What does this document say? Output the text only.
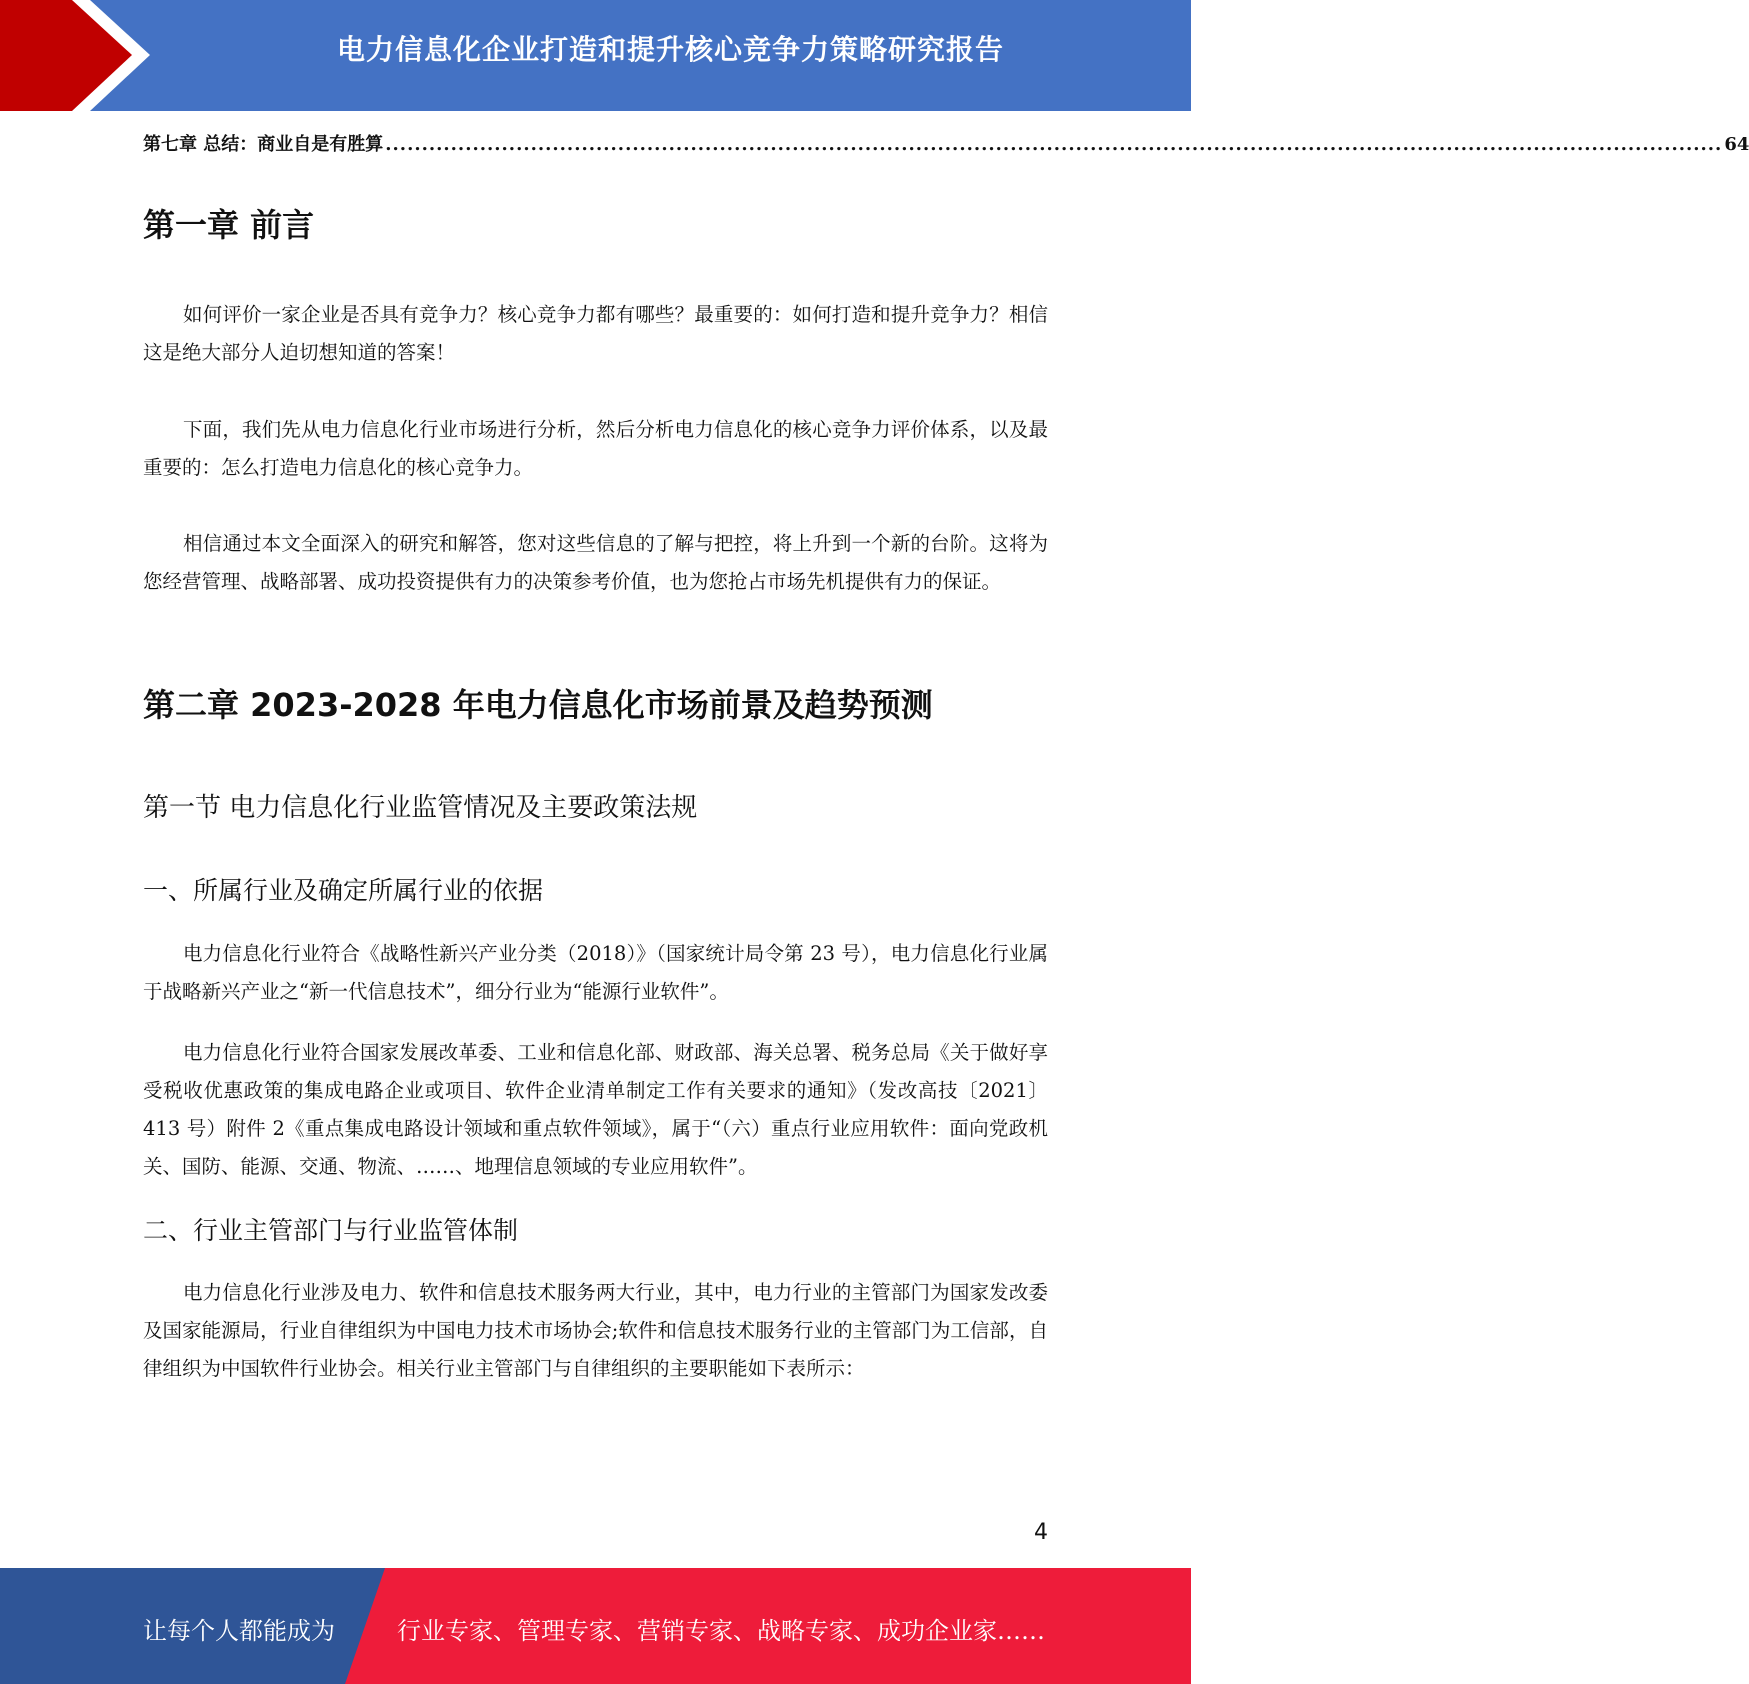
电力信息化企业打造和提升核心竞争力策略研究报告
第七章 总结：商业自是有胜算 ........................................................................................................................................................................................ 64
第一章 前言

如何评价一家企业是否具有竞争力？核心竞争力都有哪些？最重要的：如何打造和提升竞争力？相信这是绝大部分人迫切想知道的答案！

下面，我们先从电力信息化行业市场进行分析，然后分析电力信息化的核心竞争力评价体系，以及最重要的：怎么打造电力信息化的核心竞争力。

相信通过本文全面深入的研究和解答，您对这些信息的了解与把控，将上升到一个新的台阶。这将为您经营管理、战略部署、成功投资提供有力的决策参考价值，也为您抢占市场先机提供有力的保证。

第二章 2023-2028 年电力信息化市场前景及趋势预测
第一节 电力信息化行业监管情况及主要政策法规
一、所属行业及确定所属行业的依据

电力信息化行业符合《战略性新兴产业分类（2018）》（国家统计局令第 23 号），电力信息化行业属于战略新兴产业之“新一代信息技术”，细分行业为“能源行业软件”。

电力信息化行业符合国家发展改革委、工业和信息化部、财政部、海关总署、税务总局《关于做好享受税收优惠政策的集成电路企业或项目、软件企业清单制定工作有关要求的通知》（发改高技〔2021〕413 号）附件 2《重点集成电路设计领域和重点软件领域》，属于“（六）重点行业应用软件：面向党政机关、国防、能源、交通、物流、……、地理信息领域的专业应用软件”。

二、行业主管部门与行业监管体制

电力信息化行业涉及电力、软件和信息技术服务两大行业，其中，电力行业的主管部门为国家发改委及国家能源局，行业自律组织为中国电力技术市场协会;软件和信息技术服务行业的主管部门为工信部，自律组织为中国软件行业协会。相关行业主管部门与自律组织的主要职能如下表所示：

4
让每个人都能成为	行业专家、管理专家、营销专家、战略专家、成功企业家……
